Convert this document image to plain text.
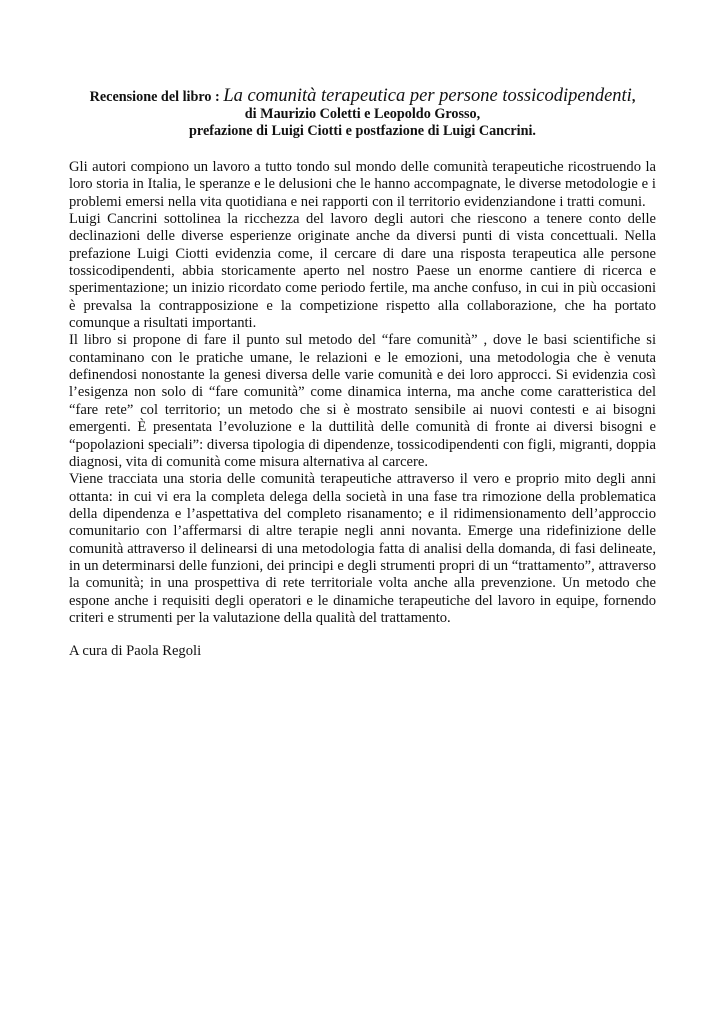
Recensione del libro : La comunità terapeutica per persone tossicodipendenti,
di Maurizio Coletti e Leopoldo Grosso,
prefazione di Luigi Ciotti e postfazione di Luigi Cancrini.

Gli autori compiono un lavoro a tutto tondo sul mondo delle comunità terapeutiche ricostruendo la loro storia in Italia, le speranze e le delusioni che le hanno accompagnate, le diverse metodologie e i problemi emersi nella vita quotidiana e nei rapporti con il territorio evidenziandone i tratti comuni.

Luigi Cancrini sottolinea la ricchezza del lavoro degli autori che riescono a tenere conto delle declinazioni delle diverse esperienze originate anche da diversi punti di vista concettuali. Nella prefazione Luigi Ciotti evidenzia come, il cercare di dare una risposta terapeutica alle persone tossicodipendenti, abbia storicamente aperto nel nostro Paese un enorme cantiere di ricerca e sperimentazione; un inizio ricordato come periodo fertile, ma anche confuso, in cui in più occasioni è prevalsa la contrapposizione e la competizione rispetto alla collaborazione, che ha portato comunque a risultati importanti.

Il libro si propone di fare il punto sul metodo del “fare comunità” , dove le basi scientifiche si contaminano con le pratiche umane, le relazioni e le emozioni, una metodologia che è venuta definendosi nonostante la genesi diversa delle varie comunità e dei loro approcci. Si evidenzia così l’esigenza non solo di “fare comunità” come dinamica interna, ma anche come caratteristica del “fare rete” col territorio; un metodo che si è mostrato sensibile ai nuovi contesti e ai bisogni emergenti. È presentata l’evoluzione e la duttilità delle comunità di fronte ai diversi bisogni e “popolazioni speciali”: diversa tipologia di dipendenze, tossicodipendenti con figli, migranti, doppia diagnosi, vita di comunità come misura alternativa al carcere.

Viene tracciata una storia delle comunità terapeutiche attraverso il vero e proprio mito degli anni ottanta: in cui vi era la completa delega della società in una fase tra rimozione della problematica della dipendenza e l’aspettativa del completo risanamento; e il ridimensionamento dell’approccio comunitario con l’affermarsi di altre terapie negli anni novanta. Emerge una ridefinizione delle comunità attraverso il delinearsi di una metodologia fatta di analisi della domanda, di fasi delineate, in un determinarsi delle funzioni, dei principi e degli strumenti propri di un “trattamento”, attraverso la comunità; in una prospettiva di rete territoriale volta anche alla prevenzione. Un metodo che espone anche i requisiti degli operatori e le dinamiche terapeutiche del lavoro in equipe, fornendo criteri e strumenti per la valutazione della qualità del trattamento.

A cura di Paola Regoli
